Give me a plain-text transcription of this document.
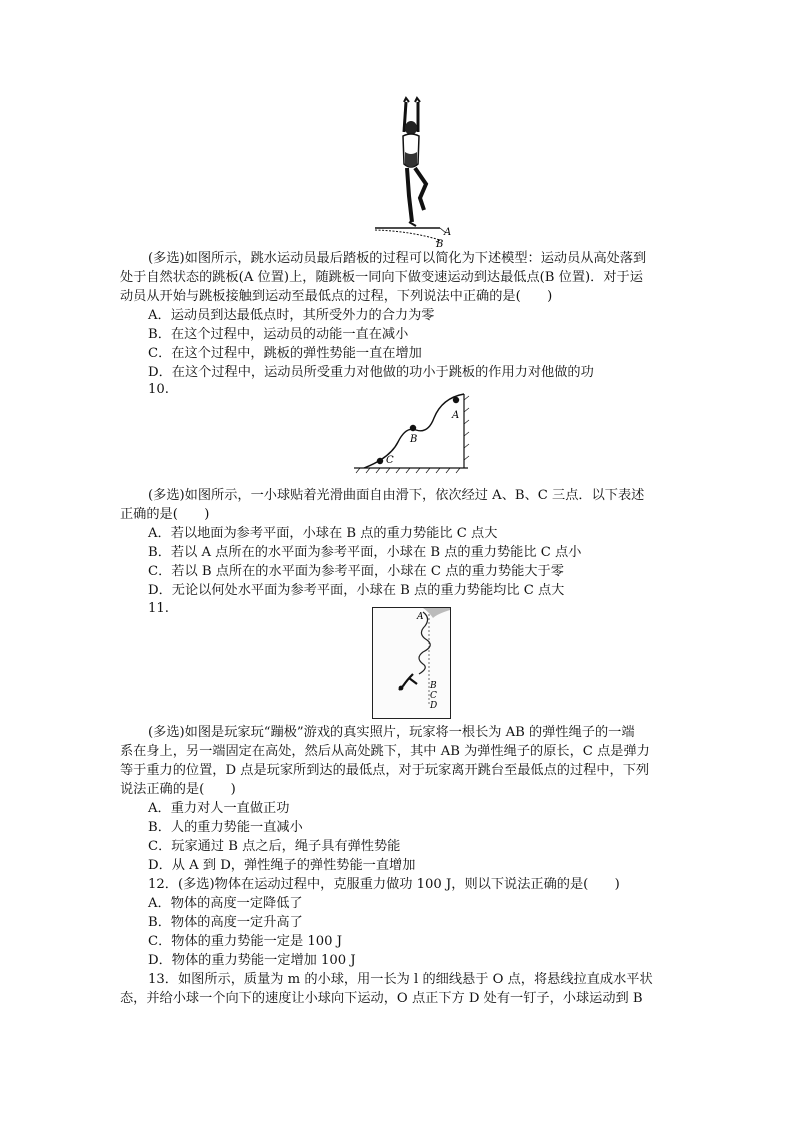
A
B
(多选)如图所示，跳水运动员最后踏板的过程可以简化为下述模型：运动员从高处落到
处于自然状态的跳板(A 位置)上，随跳板一同向下做变速运动到达最低点(B 位置)．对于运
动员从开始与跳板接触到运动至最低点的过程，下列说法中正确的是(　　)
A．运动员到达最低点时，其所受外力的合力为零
B．在这个过程中，运动员的动能一直在减小
C．在这个过程中，跳板的弹性势能一直在增加
D．在这个过程中，运动员所受重力对他做的功小于跳板的作用力对他做的功
10.
A
B
C
(多选)如图所示，一小球贴着光滑曲面自由滑下，依次经过 A、B、C 三点．以下表述
正确的是(　　)
A．若以地面为参考平面，小球在 B 点的重力势能比 C 点大
B．若以 A 点所在的水平面为参考平面，小球在 B 点的重力势能比 C 点小
C．若以 B 点所在的水平面为参考平面，小球在 C 点的重力势能大于零
D．无论以何处水平面为参考平面，小球在 B 点的重力势能均比 C 点大
11.
A
B
C
D
(多选)如图是玩家玩“蹦极”游戏的真实照片，玩家将一根长为 AB 的弹性绳子的一端
系在身上，另一端固定在高处，然后从高处跳下，其中 AB 为弹性绳子的原长，C 点是弹力
等于重力的位置，D 点是玩家所到达的最低点，对于玩家离开跳台至最低点的过程中，下列
说法正确的是(　　)
A．重力对人一直做正功
B．人的重力势能一直减小
C．玩家通过 B 点之后，绳子具有弹性势能
D．从 A 到 D，弹性绳子的弹性势能一直增加
12．(多选)物体在运动过程中，克服重力做功 100 J，则以下说法正确的是(　　)
A．物体的高度一定降低了
B．物体的高度一定升高了
C．物体的重力势能一定是 100 J
D．物体的重力势能一定增加 100 J
13．如图所示，质量为 m 的小球，用一长为 l 的细线悬于 O 点，将悬线拉直成水平状
态，并给小球一个向下的速度让小球向下运动，O 点正下方 D 处有一钉子，小球运动到 B
